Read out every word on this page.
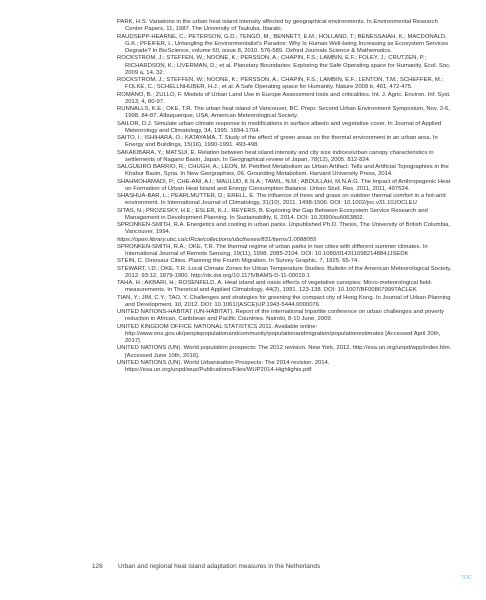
PARK, H.S. Variations in the urban heat island intensity affected by geographical environments. In Environmental Research Center Papers, 11, 1987. The University of Tsukuba, Ibaraki.

RAUDSEPP-HEARNE, C.; PETERSON, G.D.; TENGÖ, M.; BENNETT, E.M.; HOLLAND, T.; BENESSAIAH, K.; MACDONALD, G.K.; PFEIFER, L. Untangling the Environmentalist's Paradox: Why Is Human Well-being Increasing as Ecosystem Services Degrade? In BioScience, volume 60, issue 8, 2010. 576-589. Oxford Journals Science & Mathematics.

ROCKSTROM, J.; STEFFEN, W.; NOONE, K.; PERSSON, A.; CHAPIN, F.S.; LAMBIN, E.F.; FOLEY, J.; CRUTZEN, P.; RICHARDSON, K.; LIVERMAN, D.; et al. Planetary Boundaries: Exploring the Safe Operating space for Humanity. Ecol. Soc. 2009 a, 14, 32.

ROCKSTROM, J.; STEFFEN, W.; NOONE, K.; PERSSON, A.; CHAPIN, F.S.; LAMBIN, E.F.; LENTON, T.M.; SCHEFFER, M.; FOLKE, C.; SCHELLNHUBER, H.J.; et al. A Safe Operating space for Humanity. Nature 2009 b, 461, 472-475.

ROMANO, B.; ZULLO, F. Models of Urban Land Use in Europe Assessment tools and criticalities. Int. J. Agric. Environ. Inf. Syst. 2013, 4, 80-97.

RUNNALLS, K.E.; OKE, T.R. The urban heat island of Vancouver, BC. Prepr. Second Urban Environment Symposium, Nov. 2-6, 1998. 84-87. Albuquerque, USA, American Meteorological Society.

SAILOR, D.J. Simulate urban climate response to modifications in surface albedo and vegetative cover. In Journal of Applied Meteorology and Climatology, 34, 1995. 1694-1704.

SAITO, I.; ISHIHARA, O.; KATAYAMA, T. Study of the effect of green areas on the thermal environment in an urban area. In Energy and Buildings, 15(16), 1990-1991. 493-498.

SAKAKIBARA, Y.; MATSUI, E. Relation between heat island intensity and city size indices/urban canopy characteristics in settlements of Nagano Basin, Japan. In Geographical review of Japan, 78(12), 2005. 812-824.

SALGUEIRO BARRIO, R.; CHUGH, A.; LEON, M. Petrified Metabolism as Urban Artifact. Tells and Artificial Topographies in the Khabur Basin, Syria. In New Geographies, 06. Grounding Metabolism. Harvard University Press, 2014.

SHAHMOHAMADI, P.; CHE-ANI, A.I.; MAULUD, K.N.A.; TAWIL, N.M.; ABDULLAH, M.N.A.G. The Impact of Anthropogenic Heat on Formation of Urban Heat Island and Energy Consumption Balance. Urban Stud. Res. 2011, 2011, 497524.

SHASHUA-BAR, L.; PEARLMUTTER, D.; ERELL, E. The influence of trees and grass on outdoor thermal comfort in a hot-arid environment. In International Journal of Climatology, 31(10), 2011. 1498-1506. DOI: 10.1002/joc.v31.10JOCLEU

SITAS, N.; PROZESKY, H.E.; ESLER, K.J.; REYERS, B. Exploring the Gap Between Ecosystem Service Research and Management in Development Planning. In Sustainability, 6, 2014. DOI: 10.3390/su6063802.

SPRONKEN-SMITH, R.A. Energetics and cooling in urban parks. Unpublished Ph.D. Thesis, The University of British Columbia, Vancouver, 1994.

https://open.library.ubc.ca/cIRcle/collections/ubctheses/831/items/1.0088055

SPRONKEN-SMITH, R.A.; OKE, T.R. The thermal regime of urban parks in two cities with different summer climates. In International Journal of Remote Sensing, 19(11), 1998. 2085-2104. DOI: 10.1080/014311698214884JJSEDK

STEIN, C. Dinosaur Cities. Planning the Fourth Migration. In Survey Graphic, 7, 1925. 65-74.

STEWART, I.D.; OKE, T.R. Local Climate Zones for Urban Temperature Studies. Bulletin of the American Meteorological Society, 2012. 93:12, 1879-1900. http://dx.doi.org/10.1175/BAMS-D-11-00019.1

TAHA, H.; AKBARI, H.; ROSENFELD, A. Heat island and oasis effects of vegetative canopies: Micro-meteorological field-measurements. In Theorical and Applied Climatology, 44(2), 1991. 123-138. DOI: 10.1007/BF00867999TACLEK

TIAN, Y.; JIM, C.Y.; TAO, Y. Challenges and strategies for greening the compact city of Hong Kong. In Journal of Urban Planning and Development, 10, 2012. DOI: 10.1061/(ASCE)UP.1943-5444.0000076

UNITED NATIONS-HABITAT (UN-HABITAT). Report of the international tripartite conference on urban challenges and poverty reduction in African, Caribbean and Pacific Countries. Nairobi, 8-10 June, 2009.

UNITED KINGDOM OFFICE NATIONAL STATISTICS 2011. Available online: http://www.ons.gov.uk/peoplepopulationandcommunity/populationandmigration/populationestimates [Accessed April 20th, 2017]

UNITED NATIONS (UN). World population prospects: The 2012 revision. New York, 2012. http://esa.un.org/unpd/wpp/index.htm. [Accessed June 10th, 2016].

UNITED NATIONS (UN). World Urbanisation Prospects: The 2014 revision. 2014. https://esa.un.org/unpd/wup/Publications/Files/WUP2014-Highlights.pdf

126 Urban and regional heat island adaptation measures in the Netherlands
TOC
· · · · ·
